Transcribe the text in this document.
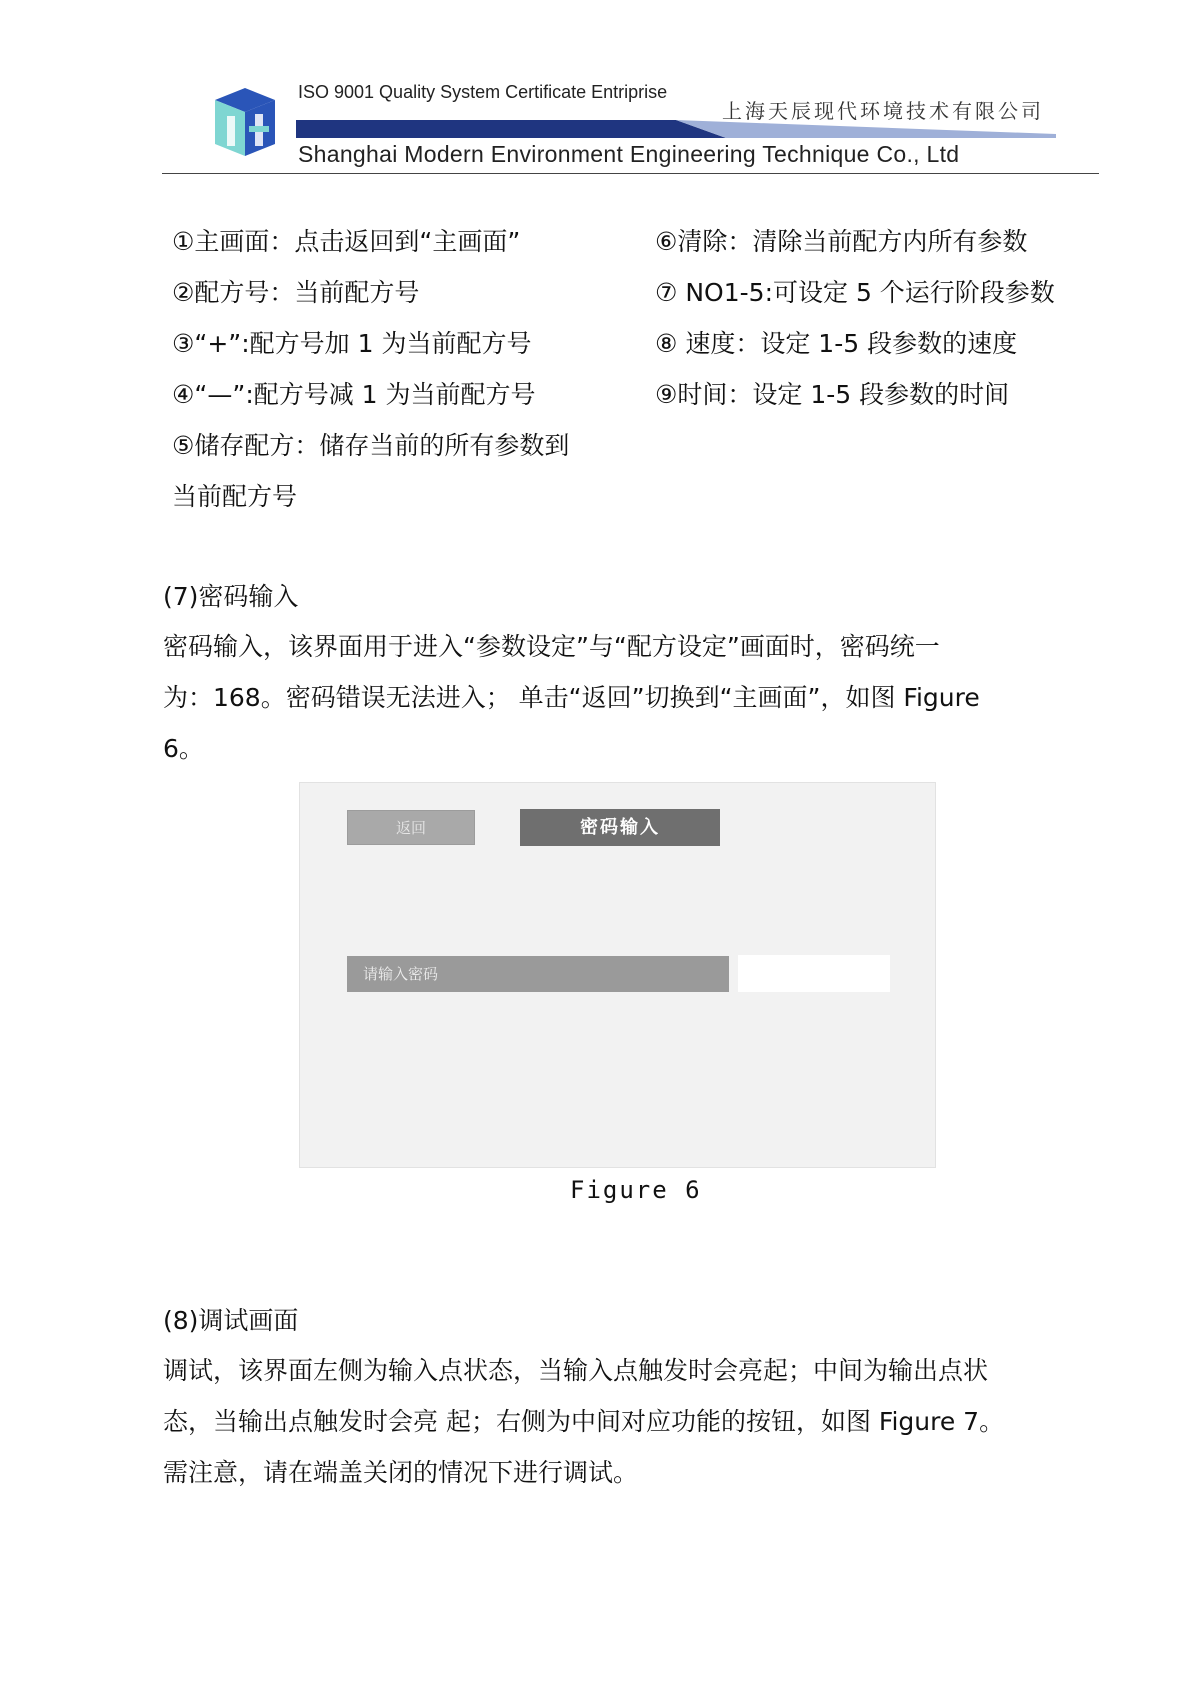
ISO 9001 Quality System Certificate Entriprise
上海天辰现代环境技术有限公司
Shanghai Modern Environment Engineering Technique Co., Ltd
①主画面：点击返回到“主画面”
②配方号：当前配方号
③“+”:配方号加 1 为当前配方号
④“—”:配方号减 1 为当前配方号
⑤储存配方：储存当前的所有参数到
当前配方号
⑥清除：清除当前配方内所有参数
⑦ NO1-5:可设定 5 个运行阶段参数
⑧ 速度：设定 1-5 段参数的速度
⑨时间：设定 1-5 段参数的时间
(7)密码输入
密码输入，该界面用于进入“参数设定”与“配方设定”画面时，密码统一
为：168。密码错误无法进入； 单击“返回”切换到“主画面”，如图 Figure
6。
返回	密码输入
请输入密码
Figure 6
(8)调试画面
调试，该界面左侧为输入点状态，当输入点触发时会亮起；中间为输出点状
态，当输出点触发时会亮 起；右侧为中间对应功能的按钮，如图 Figure 7。
需注意，请在端盖关闭的情况下进行调试。
